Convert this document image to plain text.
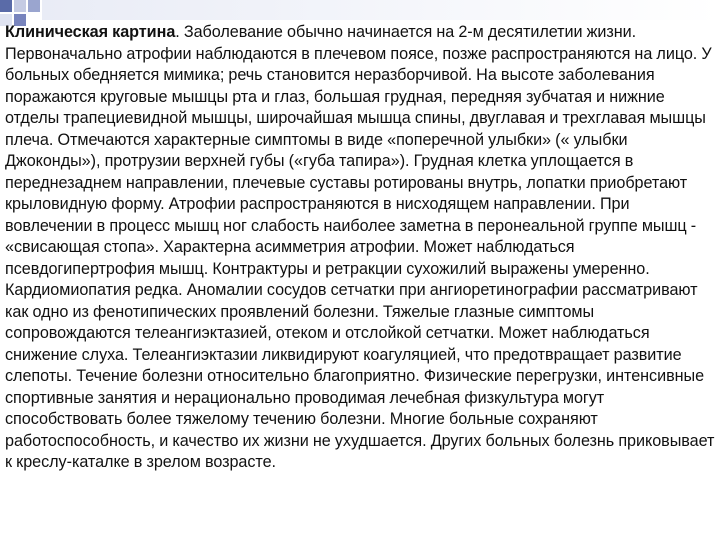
Клиническая картина. Заболевание обычно начинается на 2-м десятилетии жизни. Первоначально атрофии наблюдаются в плечевом поясе, позже распространяются на лицо. У больных обедняется мимика; речь становится неразборчивой. На высоте заболевания поражаются круговые мышцы рта и глаз, большая грудная, передняя зубчатая и нижние отделы трапециевидной мышцы, широчайшая мышца спины, двуглавая и трехглавая мышцы плеча. Отмечаются характерные симптомы в виде «поперечной улыбки» (« улыбки Джоконды»), протрузии верхней губы («губа тапира»). Грудная клетка уплощается в переднезаднем направлении, плечевые суставы ротированы внутрь, лопатки приобретают крыловидную форму. Атрофии распространяются в нисходящем направлении. При вовлечении в процесс мышц ног слабость наиболее заметна в перонеальной группе мышц - «свисающая стопа». Характерна асимметрия атрофии. Может наблюдаться псевдогипертрофия мышц. Контрактуры и ретракции сухожилий выражены умеренно. Кардиомиопатия редка. Аномалии сосудов сетчатки при ангиоретинографии рассматривают как одно из фенотипических проявлений болезни. Тяжелые глазные симптомы сопровождаются телеангиэктазией, отеком и отслойкой сетчатки. Может наблюдаться снижение слуха. Телеангиэктазии ликвидируют коагуляцией, что предотвращает развитие слепоты. Течение болезни относительно благоприятно. Физические перегрузки, интенсивные спортивные занятия и нерационально проводимая лечебная физкультура могут способствовать более тяжелому течению болезни. Многие больные сохраняют работоспособность, и качество их жизни не ухудшается. Других больных болезнь приковывает к креслу-каталке в зрелом возрасте.
